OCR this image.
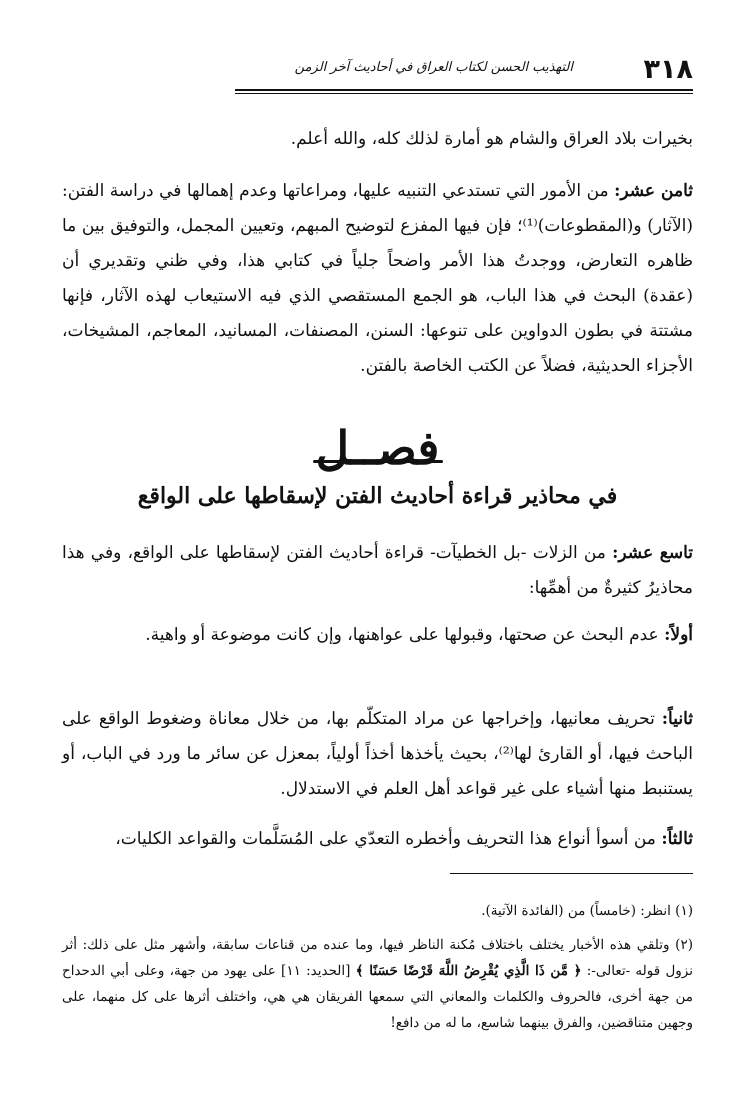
٣١٨
التهذيب الحسن لكتاب العراق في أحاديث آخر الزمن
بخيرات بلاد العراق والشام هو أمارة لذلك كله، والله أعلم.
ثامن عشر: من الأمور التي تستدعي التنبيه عليها، ومراعاتها وعدم إهمالها في دراسة الفتن: (الآثار) و(المقطوعات)⁽¹⁾؛ فإن فيها المفزع لتوضيح المبهم، وتعيين المجمل، والتوفيق بين ما ظاهره التعارض، ووجدتُ هذا الأمر واضحاً جلياً في كتابي هذا، وفي ظني وتقديري أن (عقدة) البحث في هذا الباب، هو الجمع المستقصي الذي فيه الاستيعاب لهذه الآثار، فإنها مشتتة في بطون الدواوين على تنوعها: السنن، المصنفات، المسانيد، المعاجم، المشيخات، الأجزاء الحديثية، فضلاً عن الكتب الخاصة بالفتن.
فصــل
في محاذير قراءة أحاديث الفتن لإسقاطها على الواقع
تاسع عشر: من الزلات -بل الخطيآت- قراءة أحاديث الفتن لإسقاطها على الواقع، وفي هذا محاذيرُ كثيرةٌ من أهمِّها:
أولاً: عدم البحث عن صحتها، وقبولها على عواهنها، وإن كانت موضوعة أو واهية.
ثانياً: تحريف معانيها، وإخراجها عن مراد المتكلّم بها، من خلال معاناة وضغوط الواقع على الباحث فيها، أو القارئ لها⁽²⁾، بحيث يأخذها أخذاً أولياً، بمعزل عن سائر ما ورد في الباب، أو يستنبط منها أشياء على غير قواعد أهل العلم في الاستدلال.
ثالثاً: من أسوأ أنواع هذا التحريف وأخطره التعدّي على المُسَلَّمات والقواعد الكليات،
(١) انظر: (خامساً) من (الفائدة الآتية).
(٢) وتلقي هذه الأخبار يختلف باختلاف مُكنة الناظر فيها، وما عنده من قناعات سابقة، وأشهر مثل على ذلك: أثر نزول قوله -تعالى-: ﴿ مَّن ذَا الَّذِي يُقْرِضُ اللَّهَ قَرْضًا حَسَنًا ﴾ [الحديد: ١١] على يهود من جهة، وعلى أبي الدحداح من جهة أخرى، فالحروف والكلمات والمعاني التي سمعها الفريقان هي هي، واختلف أثرها على كل منهما، على وجهين متناقضين، والفرق بينهما شاسع، ما له من دافع!
